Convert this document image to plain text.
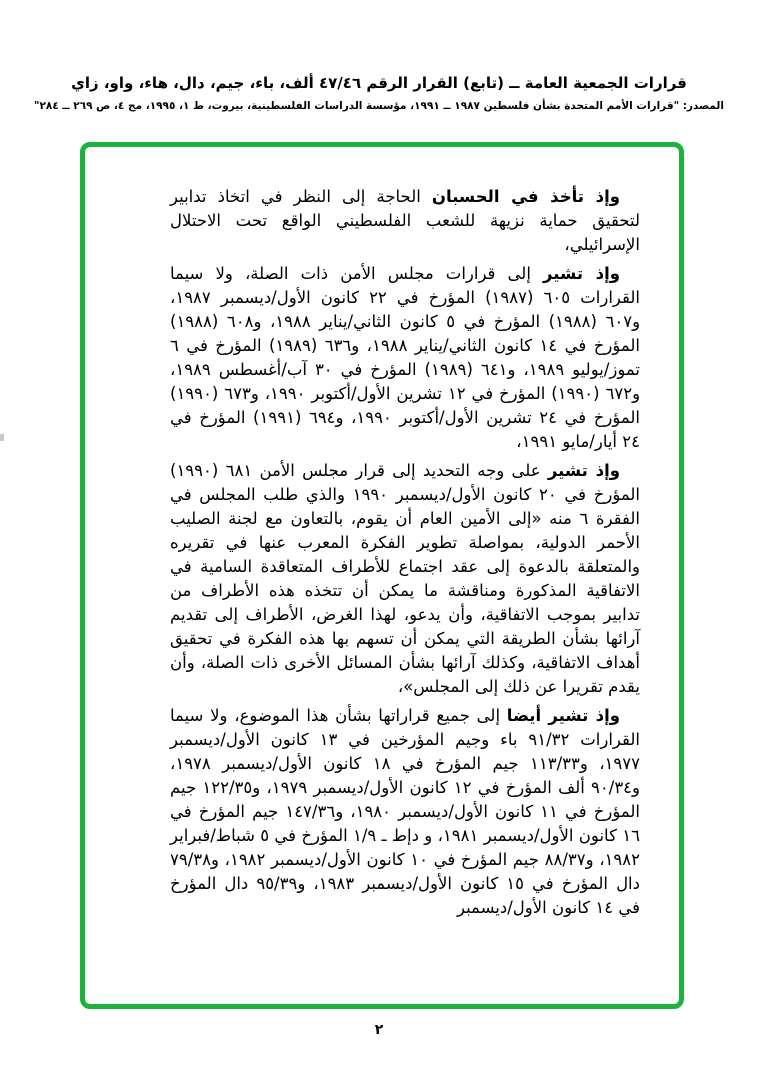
قرارات الجمعية العامة ــ (تابع) القرار الرقم ٤٧/٤٦ ألف، باء، جيم، دال، هاء، واو، زاي
المصدر: "قرارات الأمم المتحدة بشأن فلسطين ١٩٨٧ ــ ١٩٩١، مؤسسة الدراسات الفلسطينية، بيروت، ط ١، ١٩٩٥، مج ٤، ص ٢٦٩ ــ ٢٨٤"

وإذ تأخذ في الحسبان الحاجة إلى النظر في اتخاذ تدابير لتحقيق حماية نزيهة للشعب الفلسطيني الواقع تحت الاحتلال الإسرائيلي،

وإذ تشير إلى قرارات مجلس الأمن ذات الصلة، ولا سيما القرارات ٦٠٥ (١٩٨٧) المؤرخ في ٢٢ كانون الأول/ديسمبر ١٩٨٧، و٦٠٧ (١٩٨٨) المؤرخ في ٥ كانون الثاني/يناير ١٩٨٨، و٦٠٨ (١٩٨٨) المؤرخ في ١٤ كانون الثاني/يناير ١٩٨٨، و٦٣٦ (١٩٨٩) المؤرخ في ٦ تموز/يوليو ١٩٨٩، و٦٤١ (١٩٨٩) المؤرخ في ٣٠ آب/أغسطس ١٩٨٩، و٦٧٢ (١٩٩٠) المؤرخ في ١٢ تشرين الأول/أكتوبر ١٩٩٠، و٦٧٣ (١٩٩٠) المؤرخ في ٢٤ تشرين الأول/أكتوبر ١٩٩٠، و٦٩٤ (١٩٩١) المؤرخ في ٢٤ أيار/مايو ١٩٩١،

وإذ تشير على وجه التحديد إلى قرار مجلس الأمن ٦٨١ (١٩٩٠) المؤرخ في ٢٠ كانون الأول/ديسمبر ١٩٩٠ والذي طلب المجلس في الفقرة ٦ منه «إلى الأمين العام أن يقوم، بالتعاون مع لجنة الصليب الأحمر الدولية، بمواصلة تطوير الفكرة المعرب عنها في تقريره والمتعلقة بالدعوة إلى عقد اجتماع للأطراف المتعاقدة السامية في الاتفاقية المذكورة ومناقشة ما يمكن أن تتخذه هذه الأطراف من تدابير بموجب الاتفاقية، وأن يدعو، لهذا الغرض، الأطراف إلى تقديم آرائها بشأن الطريقة التي يمكن أن تسهم بها هذه الفكرة في تحقيق أهداف الاتفاقية، وكذلك آرائها بشأن المسائل الأخرى ذات الصلة، وأن يقدم تقريرا عن ذلك إلى المجلس»،

وإذ تشير أيضا إلى جميع قراراتها بشأن هذا الموضوع، ولا سيما القرارات ٩١/٣٢ باء وجيم المؤرخين في ١٣ كانون الأول/ديسمبر ١٩٧٧، و١١٣/٣٣ جيم المؤرخ في ١٨ كانون الأول/ديسمبر ١٩٧٨، و٩٠/٣٤ ألف المؤرخ في ١٢ كانون الأول/ديسمبر ١٩٧٩، و١٢٢/٣٥ جيم المؤرخ في ١١ كانون الأول/ديسمبر ١٩٨٠، و١٤٧/٣٦ جيم المؤرخ في ١٦ كانون الأول/ديسمبر ١٩٨١، و دإط ـ ١/٩ المؤرخ في ٥ شباط/فبراير ١٩٨٢، و٨٨/٣٧ جيم المؤرخ في ١٠ كانون الأول/ديسمبر ١٩٨٢، و٧٩/٣٨ دال المؤرخ في ١٥ كانون الأول/ديسمبر ١٩٨٣، و٩٥/٣٩ دال المؤرخ في ١٤ كانون الأول/ديسمبر

٢
